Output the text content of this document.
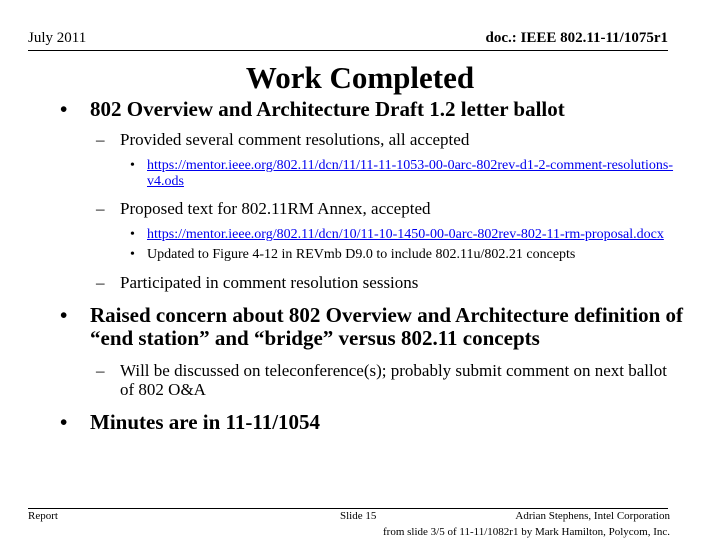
July 2011	doc.: IEEE 802.11-11/1075r1
Work Completed
• 802 Overview and Architecture Draft 1.2 letter ballot
– Provided several comment resolutions, all accepted
• https://mentor.ieee.org/802.11/dcn/11/11-11-1053-00-0arc-802rev-d1-2-comment-resolutions-v4.ods
– Proposed text for 802.11RM Annex, accepted
• https://mentor.ieee.org/802.11/dcn/10/11-10-1450-00-0arc-802rev-802-11-rm-proposal.docx
• Updated to Figure 4-12 in REVmb D9.0 to include 802.11u/802.21 concepts
– Participated in comment resolution sessions
• Raised concern about 802 Overview and Architecture definition of “end station” and “bridge” versus 802.11 concepts
– Will be discussed on teleconference(s); probably submit comment on next ballot of 802 O&A
• Minutes are in 11-11/1054
Report	Slide 15	Adrian Stephens, Intel Corporation
from slide 3/5 of 11-11/1082r1 by Mark Hamilton, Polycom, Inc.
